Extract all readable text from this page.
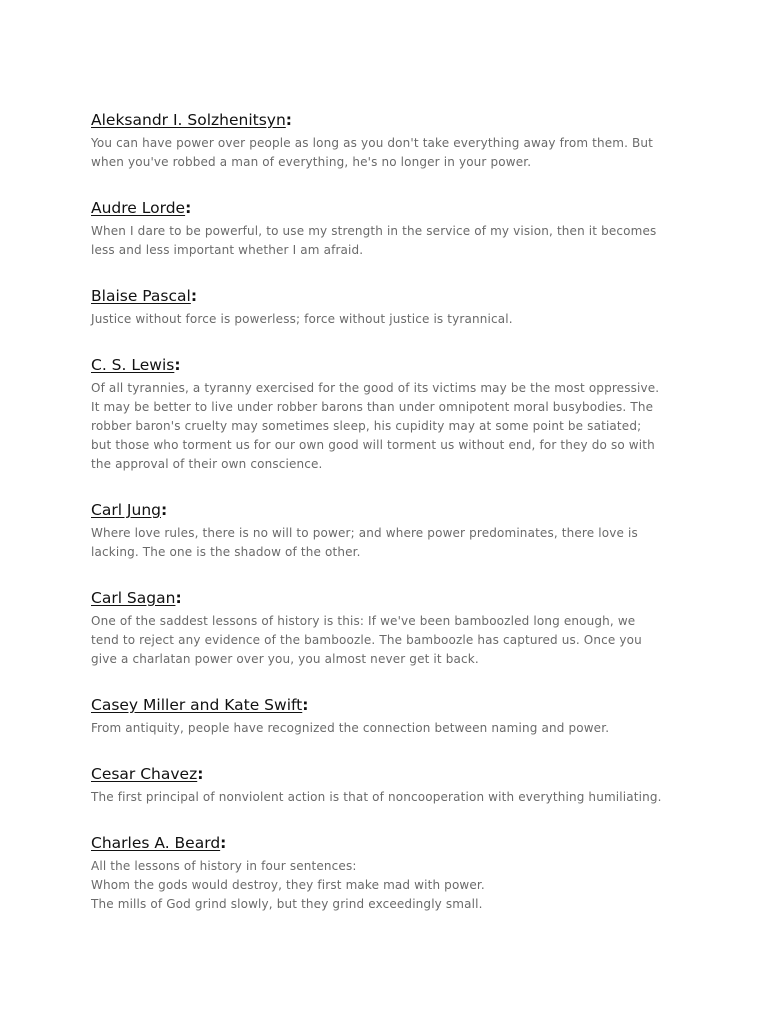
Aleksandr I. Solzhenitsyn:

You can have power over people as long as you don't take everything away from them. But
when you've robbed a man of everything, he's no longer in your power.

Audre Lorde:

When I dare to be powerful, to use my strength in the service of my vision, then it becomes
less and less important whether I am afraid.

Blaise Pascal:

Justice without force is powerless; force without justice is tyrannical.

C. S. Lewis:

Of all tyrannies, a tyranny exercised for the good of its victims may be the most oppressive.
It may be better to live under robber barons than under omnipotent moral busybodies. The
robber baron's cruelty may sometimes sleep, his cupidity may at some point be satiated;
but those who torment us for our own good will torment us without end, for they do so with
the approval of their own conscience.

Carl Jung:

Where love rules, there is no will to power; and where power predominates, there love is
lacking. The one is the shadow of the other.

Carl Sagan:

One of the saddest lessons of history is this: If we've been bamboozled long enough, we
tend to reject any evidence of the bamboozle. The bamboozle has captured us. Once you
give a charlatan power over you, you almost never get it back.

Casey Miller and Kate Swift:

From antiquity, people have recognized the connection between naming and power.

Cesar Chavez:

The first principal of nonviolent action is that of noncooperation with everything humiliating.

Charles A. Beard:

All the lessons of history in four sentences:
Whom the gods would destroy, they first make mad with power.
The mills of God grind slowly, but they grind exceedingly small.
